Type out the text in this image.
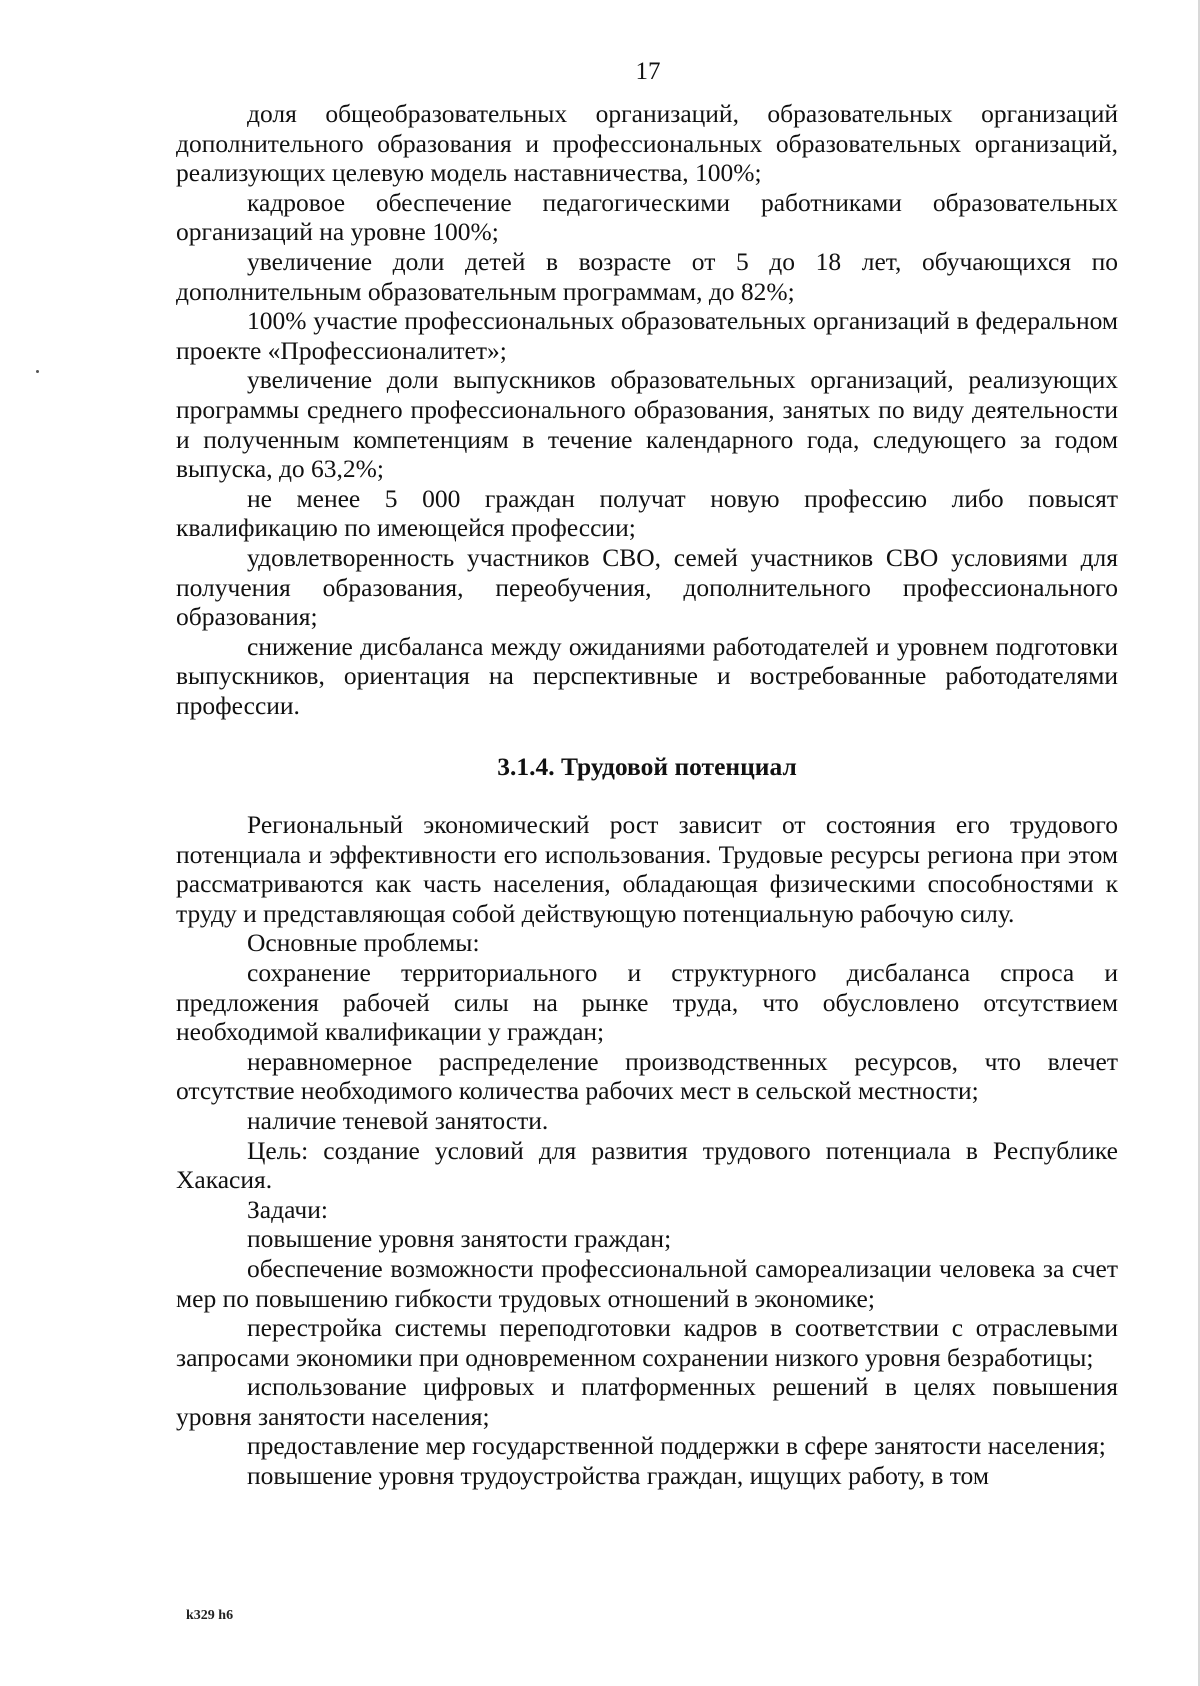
17

доля общеобразовательных организаций, образовательных организаций дополнительного образования и профессиональных образовательных организаций, реализующих целевую модель наставничества, 100%;

кадровое обеспечение педагогическими работниками образовательных организаций на уровне 100%;

увеличение доли детей в возрасте от 5 до 18 лет, обучающихся по дополнительным образовательным программам, до 82%;

100% участие профессиональных образовательных организаций в федеральном проекте «Профессионалитет»;

увеличение доли выпускников образовательных организаций, реализующих программы среднего профессионального образования, занятых по виду деятельности и полученным компетенциям в течение календарного года, следующего за годом выпуска, до 63,2%;

не менее 5 000 граждан получат новую профессию либо повысят квалификацию по имеющейся профессии;

удовлетворенность участников СВО, семей участников СВО условиями для получения образования, переобучения, дополнительного профессионального образования;

снижение дисбаланса между ожиданиями работодателей и уровнем подготовки выпускников, ориентация на перспективные и востребованные работодателями профессии.

3.1.4. Трудовой потенциал

Региональный экономический рост зависит от состояния его трудового потенциала и эффективности его использования. Трудовые ресурсы региона при этом рассматриваются как часть населения, обладающая физическими способностями к труду и представляющая собой действующую потенциальную рабочую силу.

Основные проблемы:

сохранение территориального и структурного дисбаланса спроса и предложения рабочей силы на рынке труда, что обусловлено отсутствием необходимой квалификации у граждан;

неравномерное распределение производственных ресурсов, что влечет отсутствие необходимого количества рабочих мест в сельской местности;

наличие теневой занятости.

Цель: создание условий для развития трудового потенциала в Республике Хакасия.

Задачи:

повышение уровня занятости граждан;

обеспечение возможности профессиональной самореализации человека за счет мер по повышению гибкости трудовых отношений в экономике;

перестройка системы переподготовки кадров в соответствии с отраслевыми запросами экономики при одновременном сохранении низкого уровня безработицы;

использование цифровых и платформенных решений в целях повышения уровня занятости населения;

предоставление мер государственной поддержки в сфере занятости населения;

повышение уровня трудоустройства граждан, ищущих работу, в том

k329 h6
